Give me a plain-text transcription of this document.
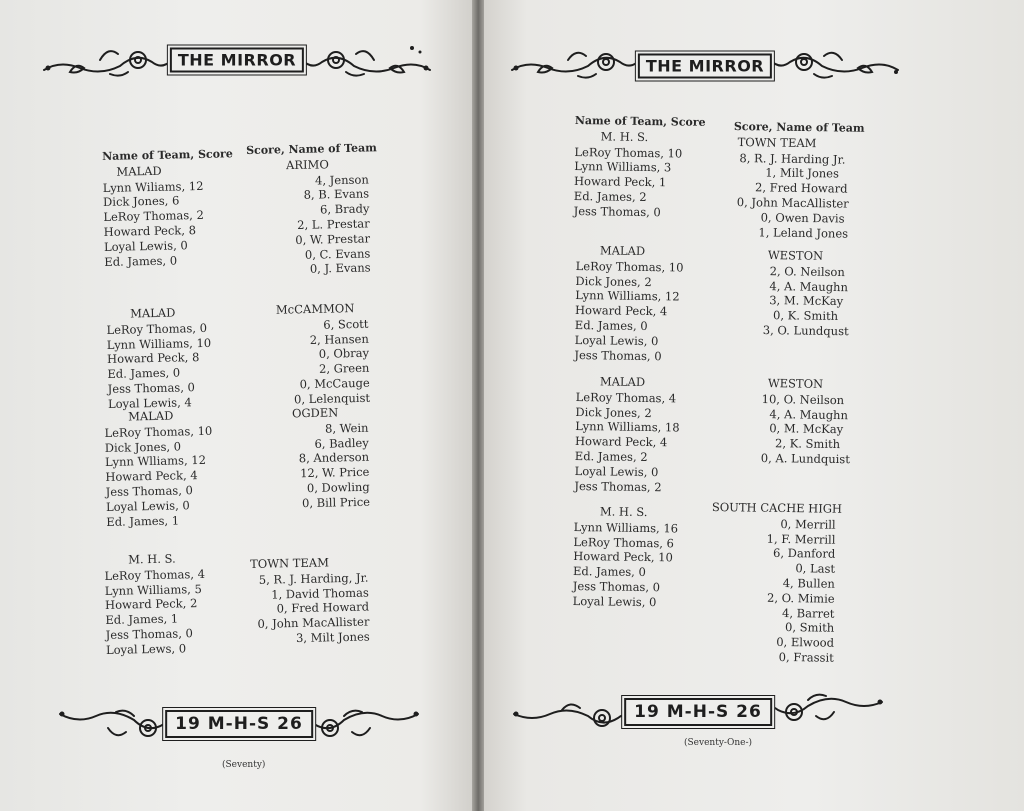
THE MIRROR
Name of Team, Score
MALAD
Lynn Wiliams, 12
Dick Jones, 6
LeRoy Thomas, 2
Howard Peck, 8
Loyal Lewis, 0
Ed. James, 0
Score, Name of Team
ARIMO
4, Jenson
8, B. Evans
6, Brady
2, L. Prestar
0, W. Prestar
0, C. Evans
0, J. Evans
MALAD
LeRoy Thomas, 0
Lynn Williams, 10
Howard Peck, 8
Ed. James, 0
Jess Thomas, 0
Loyal Lewis, 4
McCAMMON
6, Scott
2, Hansen
0, Obray
2, Green
0, McCauge
0, Lelenquist
MALAD
LeRoy Thomas, 10
Dick Jones, 0
Lynn Wlliams, 12
Howard Peck, 4
Jess Thomas, 0
Loyal Lewis, 0
Ed. James, 1
OGDEN
8, Wein
6, Badley
8, Anderson
12, W. Price
0, Dowling
0, Bill Price
M. H. S.
LeRoy Thomas, 4
Lynn Williams, 5
Howard Peck, 2
Ed. James, 1
Jess Thomas, 0
Loyal Lews, 0
TOWN TEAM
5, R. J. Harding, Jr.
1, David Thomas
0, Fred Howard
0, John MacAllister
3, Milt Jones
19 M-H-S 26
(Seventy)
THE MIRROR
Name of Team, Score
M. H. S.
LeRoy Thomas, 10
Lynn Williams, 3
Howard Peck, 1
Ed. James, 2
Jess Thomas, 0
Score, Name of Team
TOWN TEAM
8, R. J. Harding Jr.
1, Milt Jones
2, Fred Howard
0, John MacAllister
0, Owen Davis
1, Leland Jones
MALAD
LeRoy Thomas, 10
Dick Jones, 2
Lynn Williams, 12
Howard Peck, 4
Ed. James, 0
Loyal Lewis, 0
Jess Thomas, 0
WESTON
2, O. Neilson
4, A. Maughn
3, M. McKay
0, K. Smith
3, O. Lundqust
MALAD
LeRoy Thomas, 4
Dick Jones, 2
Lynn Williams, 18
Howard Peck, 4
Ed. James, 2
Loyal Lewis, 0
Jess Thomas, 2
WESTON
10, O. Neilson
4, A. Maughn
0, M. McKay
2, K. Smith
0, A. Lundquist
M. H. S.
Lynn Williams, 16
LeRoy Thomas, 6
Howard Peck, 10
Ed. James, 0
Jess Thomas, 0
Loyal Lewis, 0
SOUTH CACHE HIGH
0, Merrill
1, F. Merrill
6, Danford
0, Last
4, Bullen
2, O. Mimie
4, Barret
0, Smith
0, Elwood
0, Frassit
19 M-H-S 26
(Seventy-One-)
